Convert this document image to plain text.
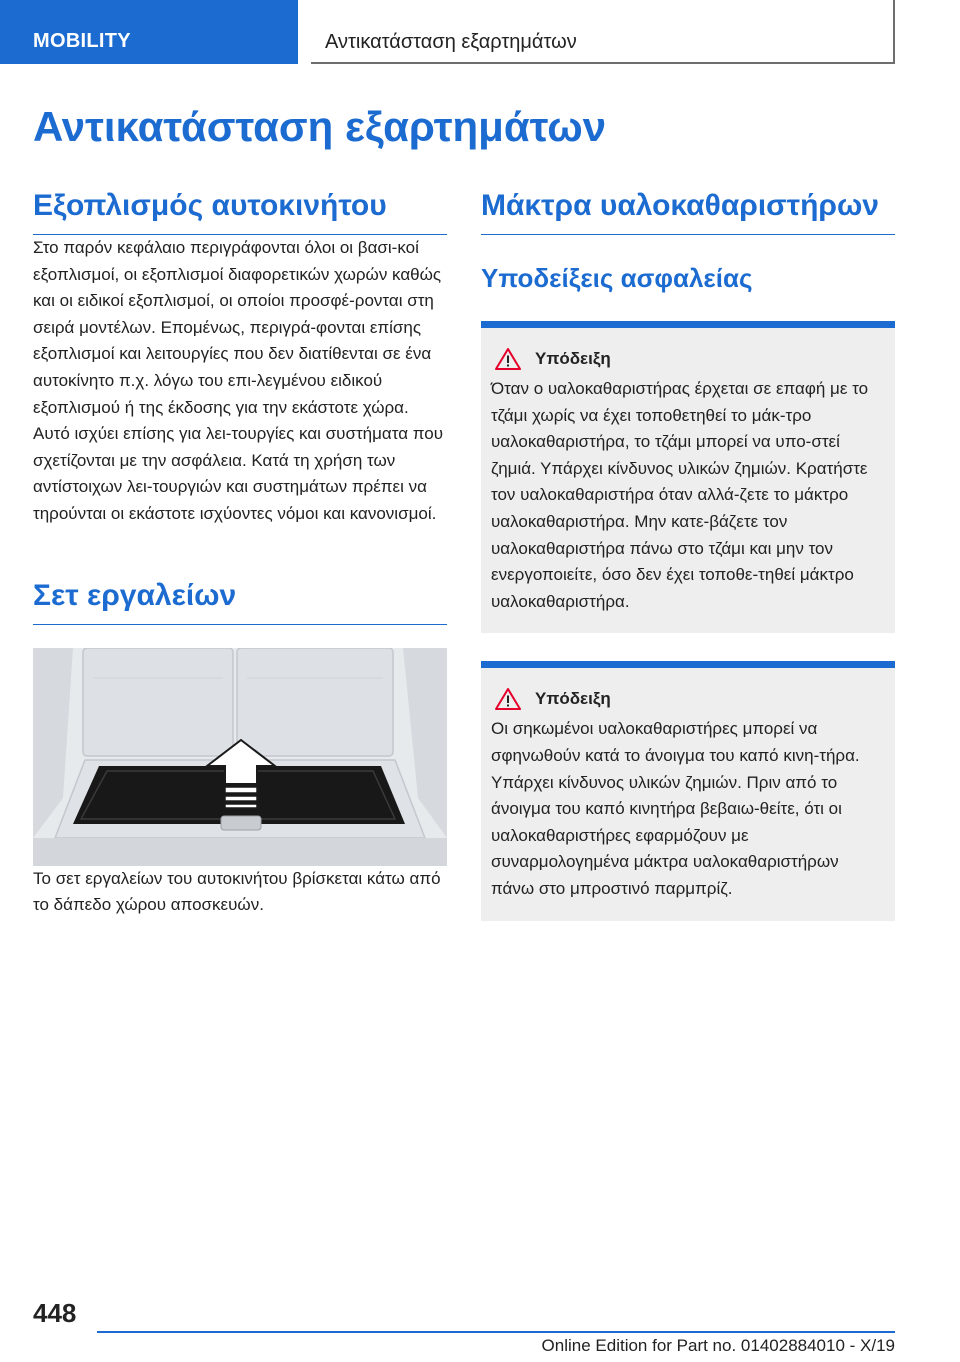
MOBILITY	Αντικατάσταση εξαρτημάτων
Αντικατάσταση εξαρτημάτων
Εξοπλισμός αυτοκινήτου

Στο παρόν κεφάλαιο περιγράφονται όλοι οι βασι-κοί εξοπλισμοί, οι εξοπλισμοί διαφορετικών χωρών καθώς και οι ειδικοί εξοπλισμοί, οι οποίοι προσφέ-ρονται στη σειρά μοντέλων. Επομένως, περιγρά-φονται επίσης εξοπλισμοί και λειτουργίες που δεν διατίθενται σε ένα αυτοκίνητο π.χ. λόγω του επι-λεγμένου ειδικού εξοπλισμού ή της έκδοσης για την εκάστοτε χώρα. Αυτό ισχύει επίσης για λει-τουργίες και συστήματα που σχετίζονται με την ασφάλεια. Κατά τη χρήση των αντίστοιχων λει-τουργιών και συστημάτων πρέπει να τηρούνται οι εκάστοτε ισχύοντες νόμοι και κανονισμοί.

Σετ εργαλείων

Το σετ εργαλείων του αυτοκινήτου βρίσκεται κάτω από το δάπεδο χώρου αποσκευών.

Μάκτρα υαλοκαθαριστήρων
Υποδείξεις ασφαλείας
Υπόδειξη

Όταν ο υαλοκαθαριστήρας έρχεται σε επαφή με το τζάμι χωρίς να έχει τοποθετηθεί το μάκ-τρο υαλοκαθαριστήρα, το τζάμι μπορεί να υπο-στεί ζημιά. Υπάρχει κίνδυνος υλικών ζημιών. Κρατήστε τον υαλοκαθαριστήρα όταν αλλά-ζετε το μάκτρο υαλοκαθαριστήρα. Μην κατε-βάζετε τον υαλοκαθαριστήρα πάνω στο τζάμι και μην τον ενεργοποιείτε, όσο δεν έχει τοποθε-τηθεί μάκτρο υαλοκαθαριστήρα.

Υπόδειξη

Οι σηκωμένοι υαλοκαθαριστήρες μπορεί να σφηνωθούν κατά το άνοιγμα του καπό κινη-τήρα. Υπάρχει κίνδυνος υλικών ζημιών. Πριν από το άνοιγμα του καπό κινητήρα βεβαιω-θείτε, ότι οι υαλοκαθαριστήρες εφαρμόζουν με συναρμολογημένα μάκτρα υαλοκαθαριστήρων πάνω στο μπροστινό παρμπρίζ.

448
Online Edition for Part no. 01402884010 - X/19
